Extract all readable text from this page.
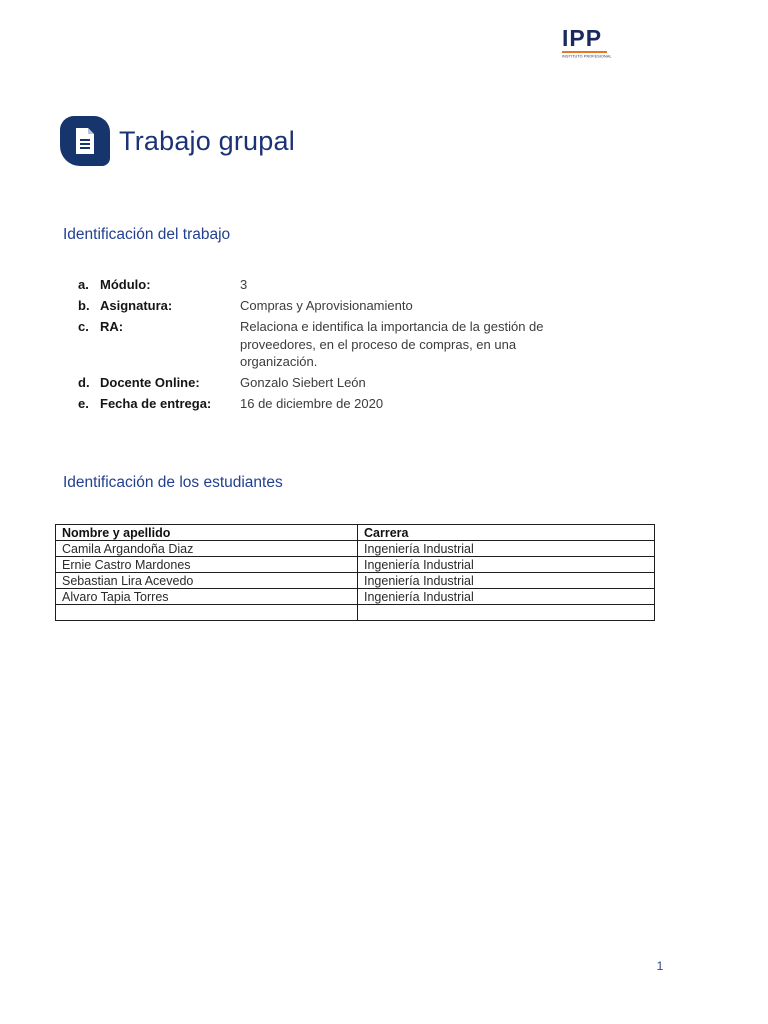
IPP
INSTITUTO PROFESIONAL
Trabajo grupal
Identificación del trabajo
a. Módulo:	3
b. Asignatura:	Compras y Aprovisionamiento
c. RA:	Relaciona e identifica la importancia de la gestión de proveedores, en el proceso de compras, en una organización.
d. Docente Online:	Gonzalo Siebert León
e. Fecha de entrega:	16 de diciembre de 2020
Identificación de los estudiantes
Nombre y apellido	Carrera
Camila Argandoña Diaz	Ingeniería Industrial
Ernie Castro Mardones	Ingeniería Industrial
Sebastian Lira Acevedo	Ingeniería Industrial
Alvaro Tapia Torres	Ingeniería Industrial

1
